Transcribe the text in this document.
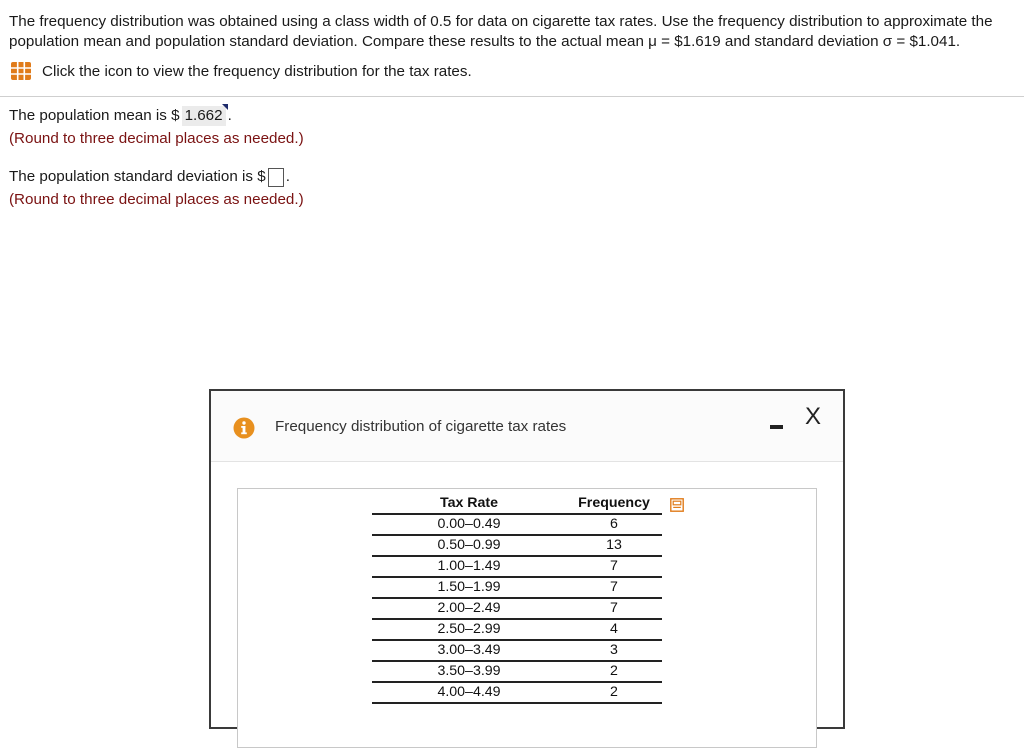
The frequency distribution was obtained using a class width of 0.5 for data on cigarette tax rates. Use the frequency distribution to approximate the
population mean and population standard deviation. Compare these results to the actual mean μ = $1.619 and standard deviation σ = $1.041.
Click the icon to view the frequency distribution for the tax rates.
The population mean is $ 1.662 .
(Round to three decimal places as needed.)
The population standard deviation is $ .
(Round to three decimal places as needed.)
Frequency distribution of cigarette tax rates	X
Tax Rate	Frequency
0.00–0.49	6
0.50–0.99	13
1.00–1.49	7
1.50–1.99	7
2.00–2.49	7
2.50–2.99	4
3.00–3.49	3
3.50–3.99	2
4.00–4.49	2
